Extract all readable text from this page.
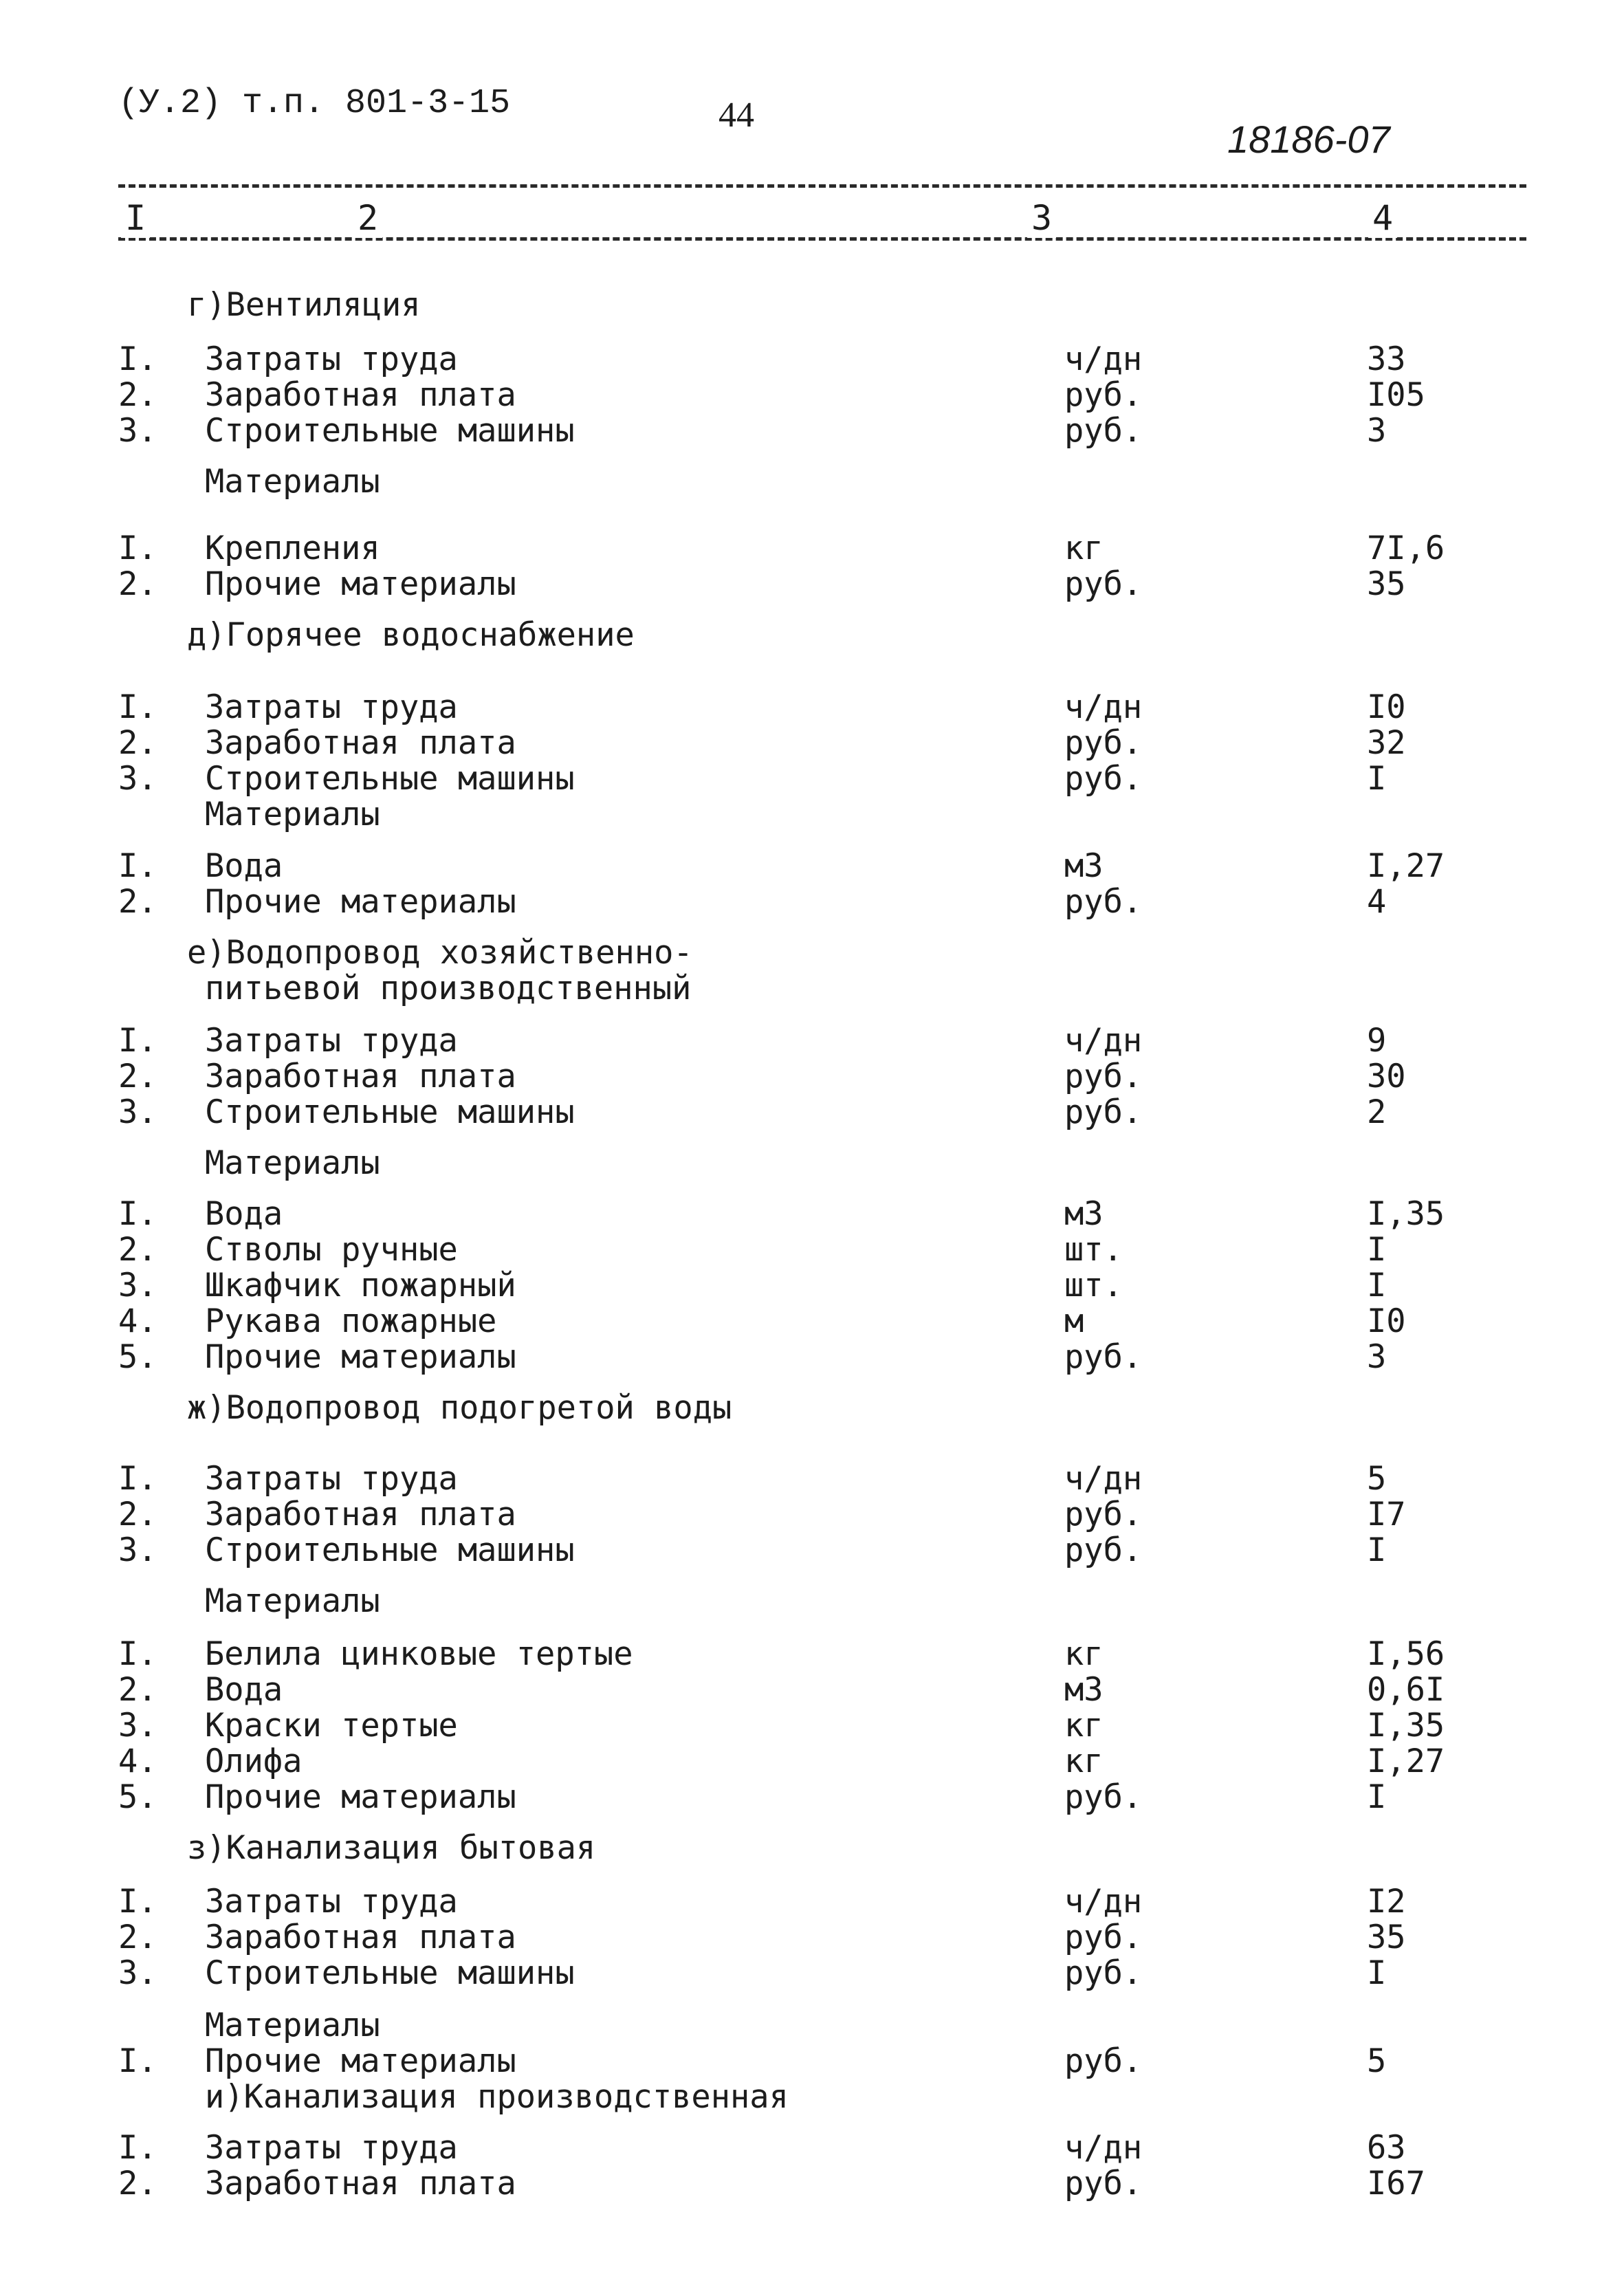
(У.2) т.п. 801-3-15	44
18186-07
I	2	3	4
г)Вентиляция
I. Затраты труда	ч/дн	33
2. Заработная плата	руб.	I05
3. Строительные машины	руб.	3
Материалы
I. Крепления	кг	7I,6
2. Прочие материалы	руб.	35
д)Горячее водоснабжение
I. Затраты труда	ч/дн	I0
2. Заработная плата	руб.	32
3. Строительные машины	руб.	I
Материалы
I. Вода	м3	I,27
2. Прочие материалы	руб.	4
е)Водопровод хозяйственно-
питьевой производственный
I. Затраты труда	ч/дн	9
2. Заработная плата	руб.	30
3. Строительные машины	руб.	2
Материалы
I. Вода	м3	I,35
2. Стволы ручные	шт.	I
3. Шкафчик пожарный	шт.	I
4. Рукава пожарные	м	I0
5. Прочие материалы	руб.	3
ж)Водопровод подогретой воды
I. Затраты труда	ч/дн	5
2. Заработная плата	руб.	I7
3. Строительные машины	руб.	I
Материалы
I. Белила цинковые тертые	кг	I,56
2. Вода	м3	0,6I
3. Краски тертые	кг	I,35
4. Олифа	кг	I,27
5. Прочие материалы	руб.	I
з)Канализация бытовая
I. Затраты труда	ч/дн	I2
2. Заработная плата	руб.	35
3. Строительные машины	руб.	I
Материалы
I. Прочие материалы	руб.	5
и)Канализация производственная
I. Затраты труда	ч/дн	63
2. Заработная плата	руб.	I67
